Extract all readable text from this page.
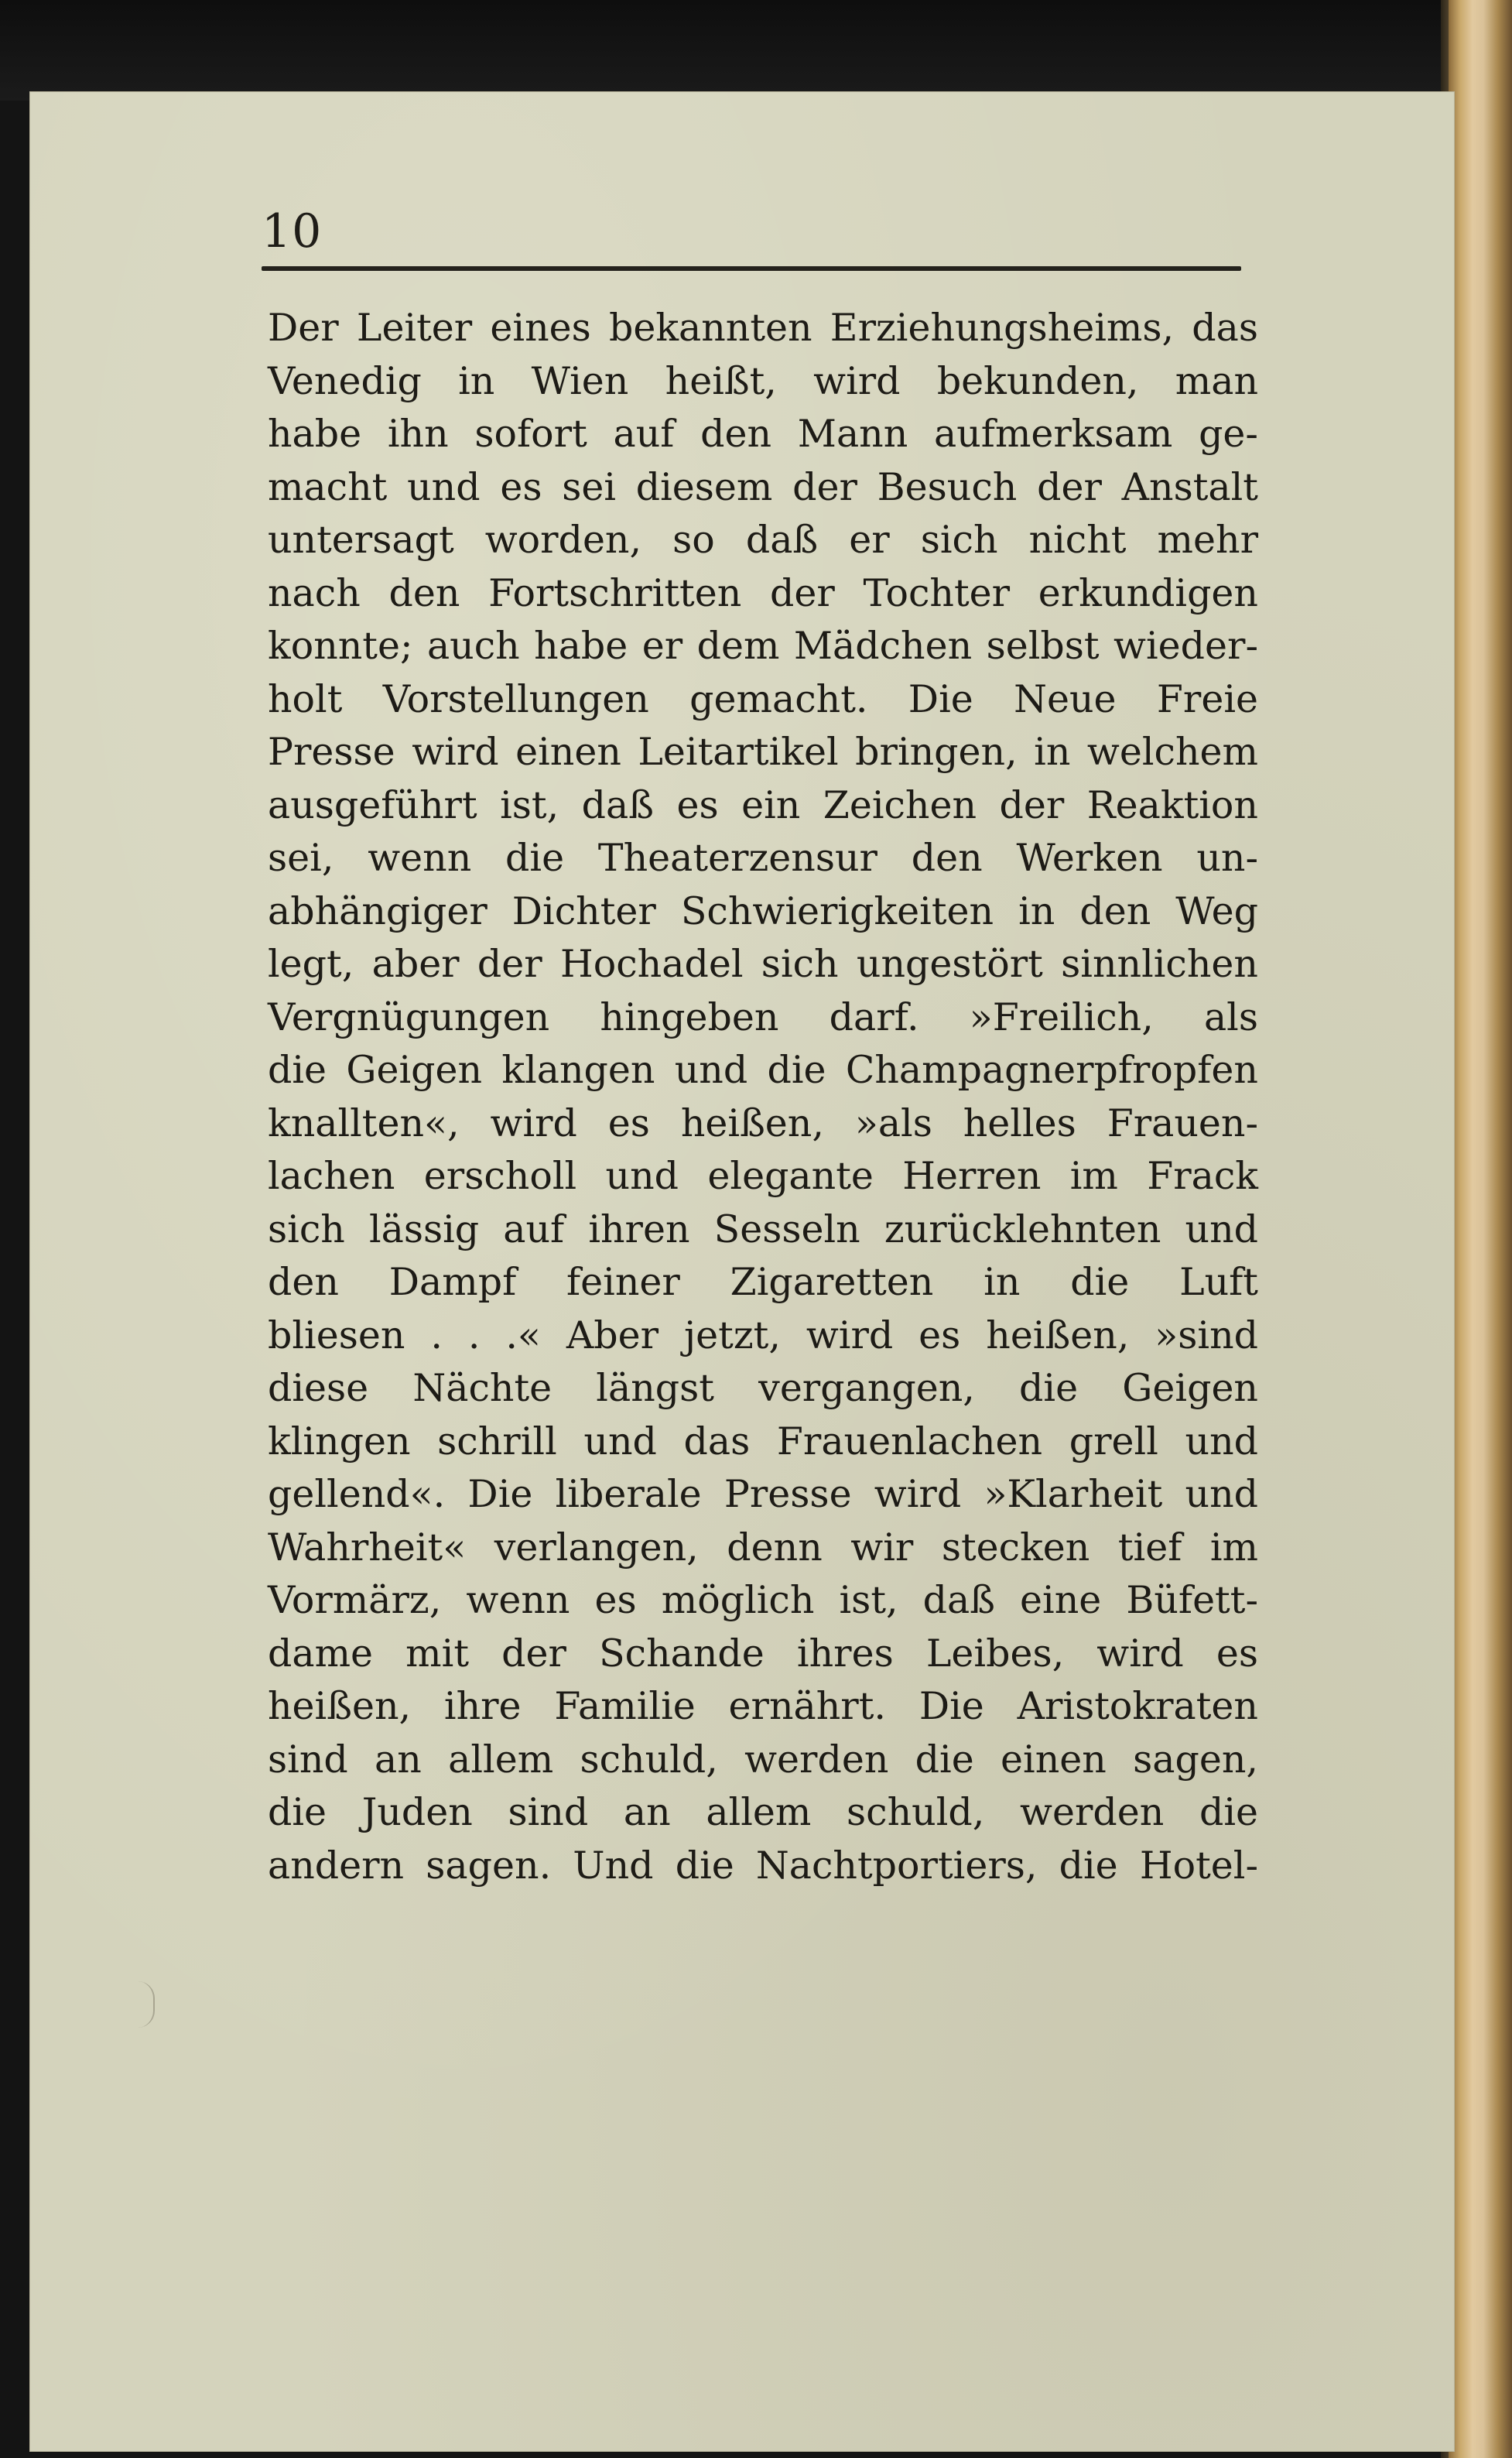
10
Der Leiter eines bekannten Erziehungsheims, das
Venedig in Wien heißt, wird bekunden, man
habe ihn sofort auf den Mann aufmerksam ge‑
macht und es sei diesem der Besuch der Anstalt
untersagt worden, so daß er sich nicht mehr
nach den Fortschritten der Tochter erkundigen
konnte; auch habe er dem Mädchen selbst wieder‑
holt Vorstellungen gemacht. Die Neue Freie
Presse wird einen Leitartikel bringen, in welchem
ausgeführt ist, daß es ein Zeichen der Reaktion
sei, wenn die Theaterzensur den Werken un‑
abhängiger Dichter Schwierigkeiten in den Weg
legt, aber der Hochadel sich ungestört sinnlichen
Vergnügungen hingeben darf. »Freilich, als
die Geigen klangen und die Champagnerpfropfen
knallten«, wird es heißen, »als helles Frauen‑
lachen erscholl und elegante Herren im Frack
sich lässig auf ihren Sesseln zurücklehnten und
den Dampf feiner Zigaretten in die Luft
bliesen . . .« Aber jetzt, wird es heißen, »sind
diese Nächte längst vergangen, die Geigen
klingen schrill und das Frauenlachen grell und
gellend«. Die liberale Presse wird »Klarheit und
Wahrheit« verlangen, denn wir stecken tief im
Vormärz, wenn es möglich ist, daß eine Büfett‑
dame mit der Schande ihres Leibes, wird es
heißen, ihre Familie ernährt. Die Aristokraten
sind an allem schuld, werden die einen sagen,
die Juden sind an allem schuld, werden die
andern sagen. Und die Nachtportiers, die Hotel‑
